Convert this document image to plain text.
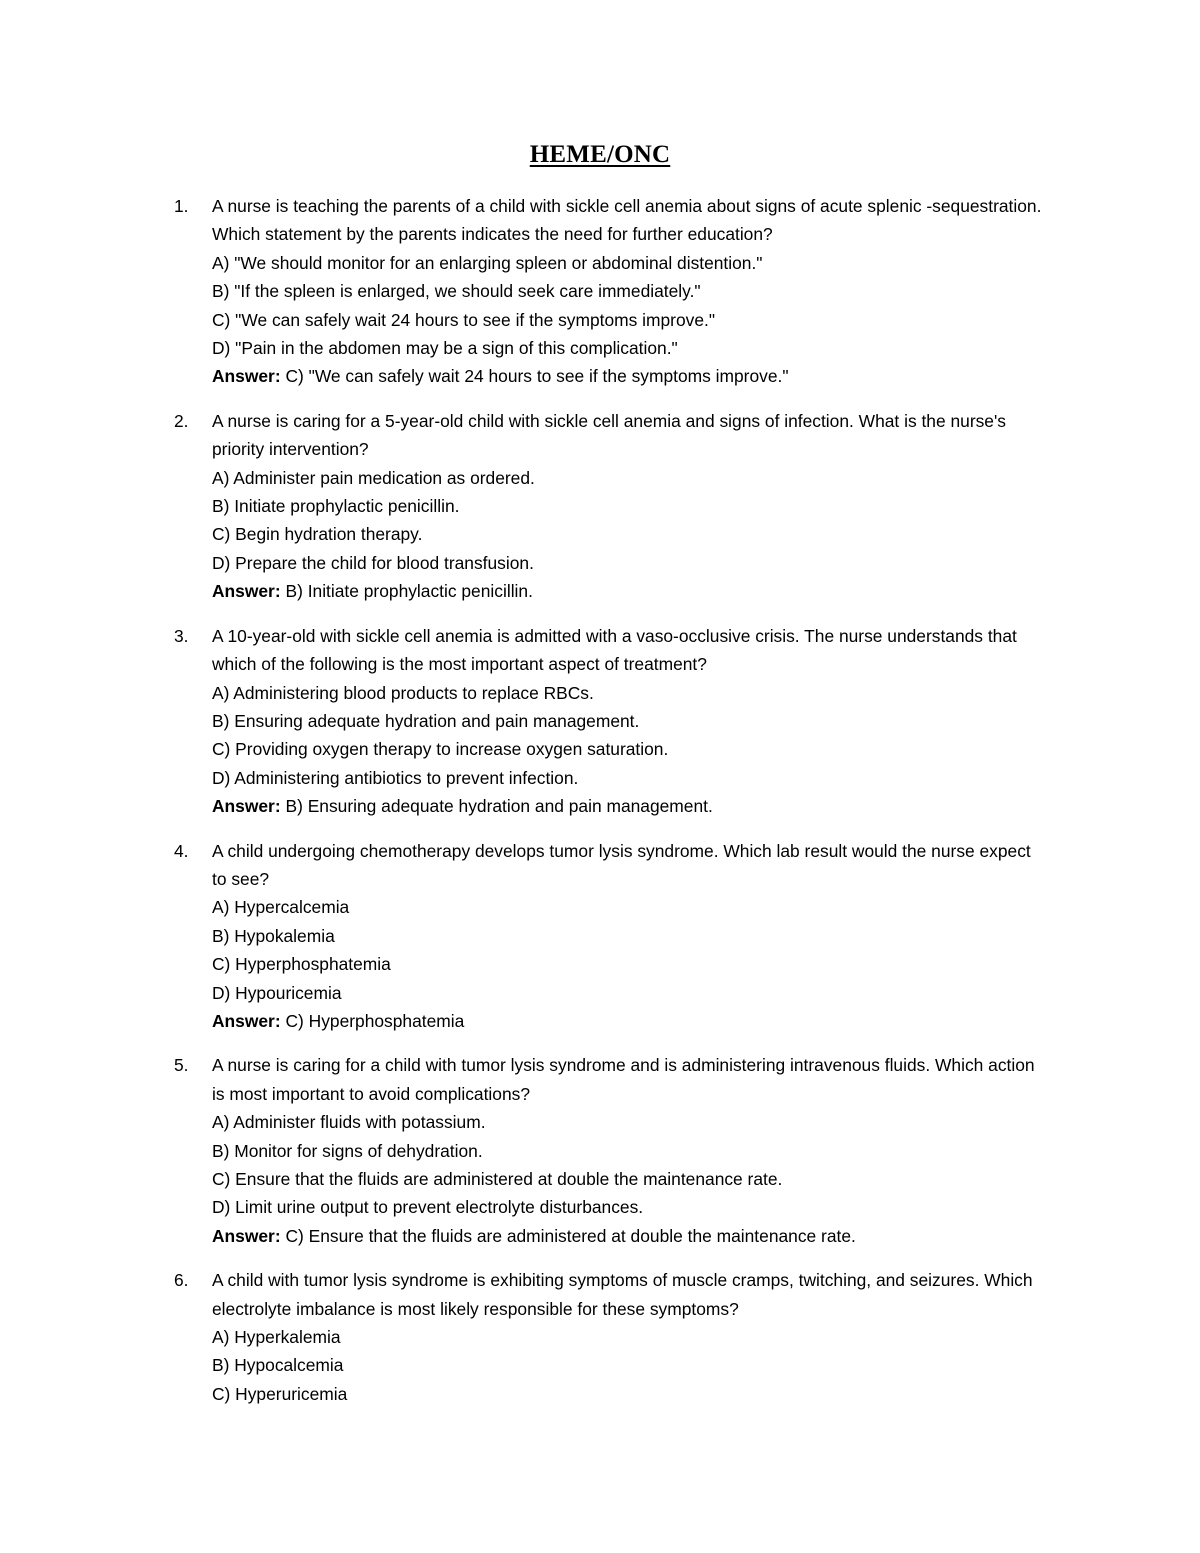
HEME/ONC
1. A nurse is teaching the parents of a child with sickle cell anemia about signs of acute splenic -sequestration. Which statement by the parents indicates the need for further education?

A) "We should monitor for an enlarging spleen or abdominal distention."
B) "If the spleen is enlarged, we should seek care immediately."
C) "We can safely wait 24 hours to see if the symptoms improve."
D) "Pain in the abdomen may be a sign of this complication."
Answer: C) "We can safely wait 24 hours to see if the symptoms improve."
2. A nurse is caring for a 5-year-old child with sickle cell anemia and signs of infection. What is the nurse's priority intervention?

A) Administer pain medication as ordered.
B) Initiate prophylactic penicillin.
C) Begin hydration therapy.
D) Prepare the child for blood transfusion.
Answer: B) Initiate prophylactic penicillin.
3. A 10-year-old with sickle cell anemia is admitted with a vaso-occlusive crisis. The nurse understands that which of the following is the most important aspect of treatment?

A) Administering blood products to replace RBCs.
B) Ensuring adequate hydration and pain management.
C) Providing oxygen therapy to increase oxygen saturation.
D) Administering antibiotics to prevent infection.
Answer: B) Ensuring adequate hydration and pain management.
4. A child undergoing chemotherapy develops tumor lysis syndrome. Which lab result would the nurse expect to see?

A) Hypercalcemia
B) Hypokalemia
C) Hyperphosphatemia
D) Hypouricemia
Answer: C) Hyperphosphatemia
5. A nurse is caring for a child with tumor lysis syndrome and is administering intravenous fluids. Which action is most important to avoid complications?

A) Administer fluids with potassium.
B) Monitor for signs of dehydration.
C) Ensure that the fluids are administered at double the maintenance rate.
D) Limit urine output to prevent electrolyte disturbances.
Answer: C) Ensure that the fluids are administered at double the maintenance rate.
6. A child with tumor lysis syndrome is exhibiting symptoms of muscle cramps, twitching, and seizures. Which electrolyte imbalance is most likely responsible for these symptoms?

A) Hyperkalemia
B) Hypocalcemia
C) Hyperuricemia
